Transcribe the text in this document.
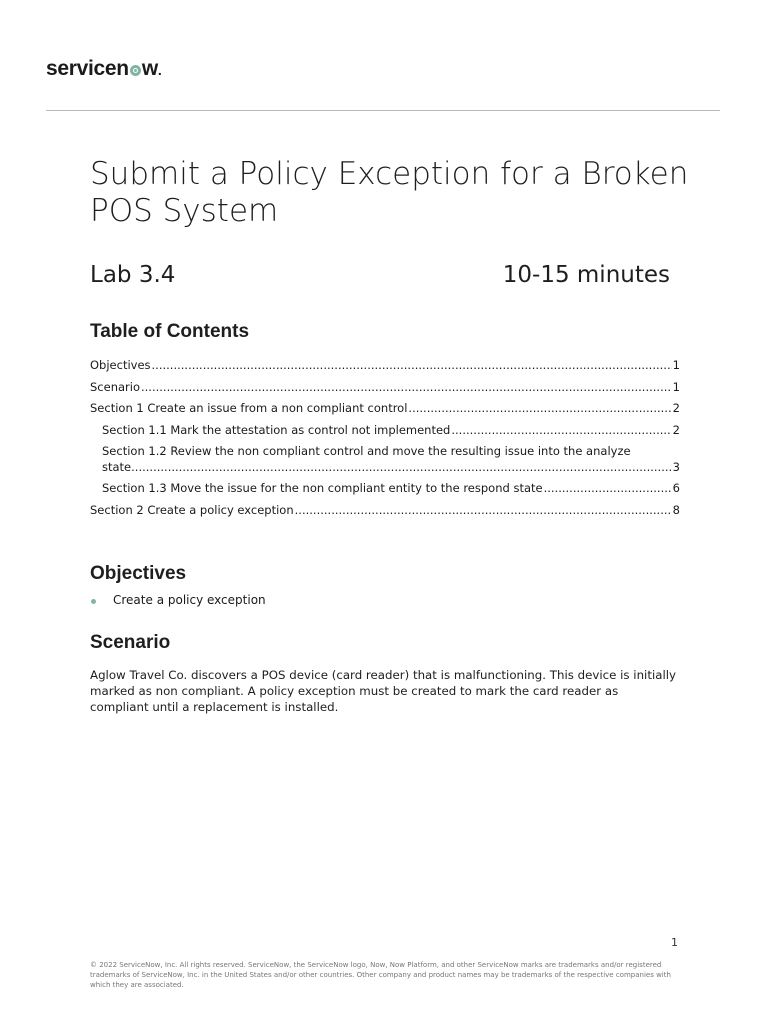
servicen w.
Submit a Policy Exception for a Broken POS System
Lab 3.4	10-15 minutes
Table of Contents
Objectives .....	1
Scenario .....	1
Section 1 Create an issue from a non compliant control .....	2
Section 1.1 Mark the attestation as control not implemented .....	2
Section 1.2 Review the non compliant control and move the resulting issue into the analyze
state .....	3
Section 1.3 Move the issue for the non compliant entity to the respond state .....	6
Section 2 Create a policy exception .....	8
Objectives
Create a policy exception
Scenario
Aglow Travel Co. discovers a POS device (card reader) that is malfunctioning. This device is initially marked as non compliant. A policy exception must be created to mark the card reader as compliant until a replacement is installed.
1
© 2022 ServiceNow, Inc. All rights reserved. ServiceNow, the ServiceNow logo, Now, Now Platform, and other ServiceNow marks are trademarks and/or registered trademarks of ServiceNow, Inc. in the United States and/or other countries. Other company and product names may be trademarks of the respective companies with which they are associated.
